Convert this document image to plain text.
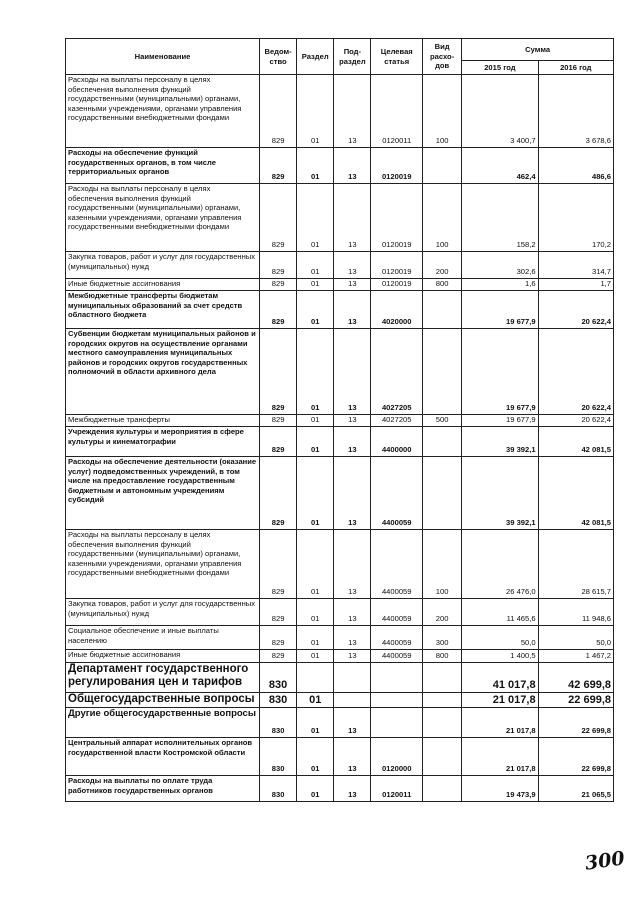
Наименование	Ведом-ство	Раздел	Под-раздел	Целевая статья	Вид расхо-дов	Сумма	
						2015 год	2016 год
Расходы на выплаты персоналу в целях обеспечения выполнения функций государственными (муниципальными) органами, казенными учреждениями, органами управления государственными внебюджетными фондами	829	01	13	0120011	100	3 400,7	3 678,6
Расходы на обеспечение функций государственных органов, в том числе территориальных органов	829	01	13	0120019		462,4	486,6
Расходы на выплаты персоналу в целях обеспечения выполнения функций государственными (муниципальными) органами, казенными учреждениями, органами управления государственными внебюджетными фондами	829	01	13	0120019	100	158,2	170,2
Закупка товаров, работ и услуг для государственных (муниципальных) нужд	829	01	13	0120019	200	302,6	314,7
Иные бюджетные ассигнования	829	01	13	0120019	800	1,6	1,7
Межбюджетные трансферты бюджетам муниципальных образований за счет средств областного бюджета	829	01	13	4020000		19 677,9	20 622,4
Субвенции бюджетам муниципальных районов и городских округов на осуществление органами местного самоуправления муниципальных районов и городских округов государственных полномочий в области архивного дела	829	01	13	4027205		19 677,9	20 622,4
Межбюджетные трансферты	829	01	13	4027205	500	19 677,9	20 622,4
Учреждения культуры и мероприятия в сфере культуры и кинематографии	829	01	13	4400000		39 392,1	42 081,5
Расходы на обеспечение деятельности (оказание услуг) подведомственных учреждений, в том числе на предоставление государственным бюджетным и автономным учреждениям субсидий	829	01	13	4400059		39 392,1	42 081,5
Расходы на выплаты персоналу в целях обеспечения выполнения функций государственными (муниципальными) органами, казенными учреждениями, органами управления государственными внебюджетными фондами	829	01	13	4400059	100	26 476,0	28 615,7
Закупка товаров, работ и услуг для государственных (муниципальных) нужд	829	01	13	4400059	200	11 465,6	11 948,6
Социальное обеспечение и иные выплаты населению	829	01	13	4400059	300	50,0	50,0
Иные бюджетные ассигнования	829	01	13	4400059	800	1 400,5	1 467,2
Департамент государственного регулирования цен и тарифов	830					41 017,8	42 699,8
Общегосударственные вопросы	830	01				21 017,8	22 699,8
Другие общегосударственные вопросы	830	01	13			21 017,8	22 699,8
Центральный аппарат исполнительных органов государственной власти Костромской области	830	01	13	0120000		21 017,8	22 699,8
Расходы на выплаты по оплате труда работников государственных органов	830	01	13	0120011		19 473,9	21 065,5
300
